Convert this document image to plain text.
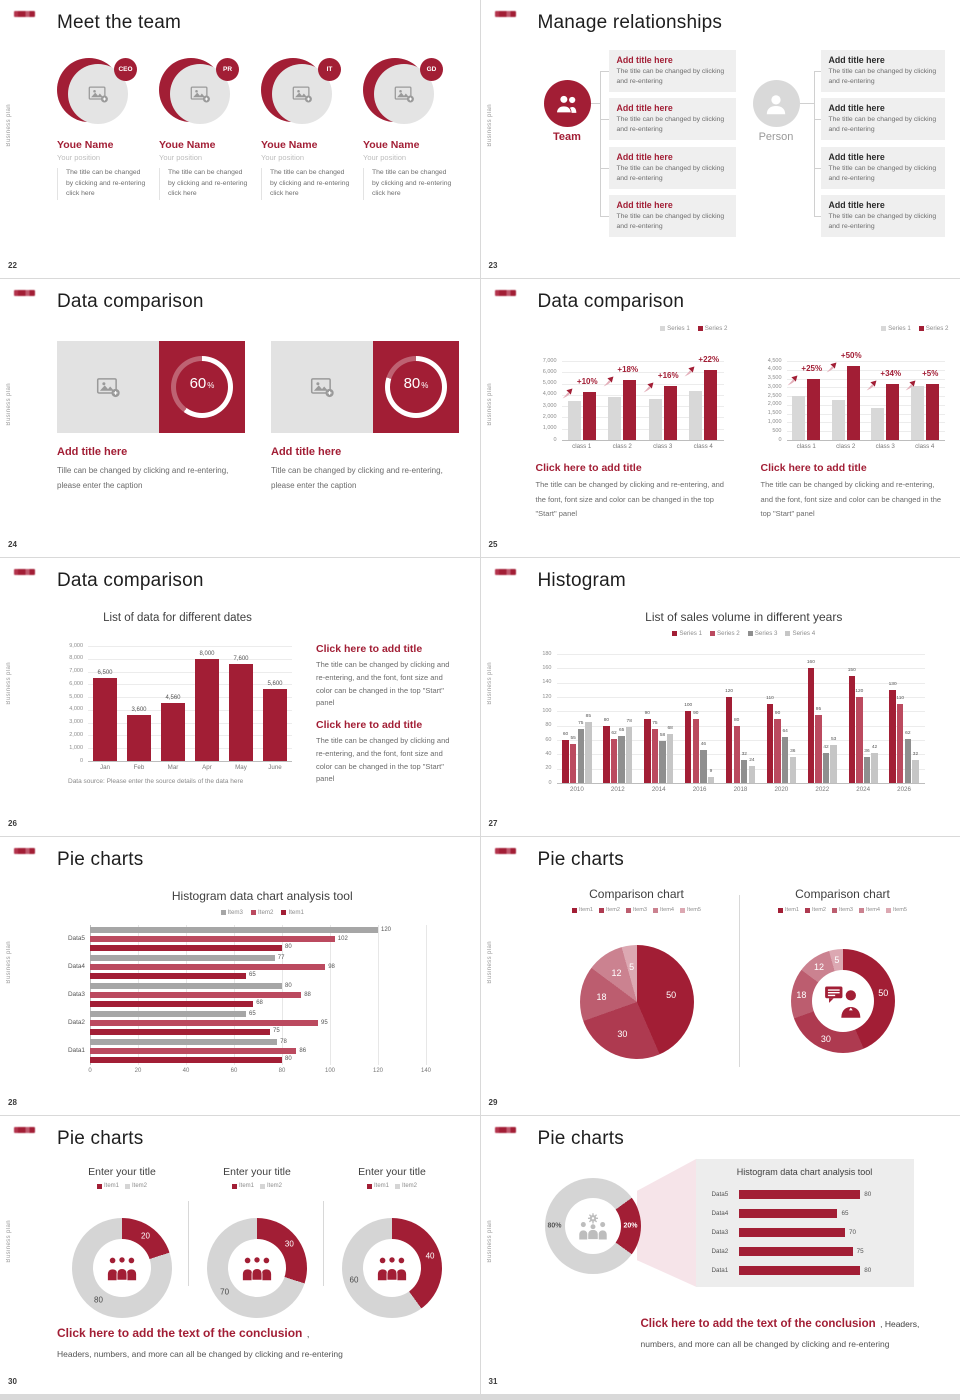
Business plan
Meet the team
CEO
Youe Name
Your position
The title can be changed by clicking and re-entering click here
PR
Youe Name
Your position
The title can be changed by clicking and re-entering click here
IT
Youe Name
Your position
The title can be changed by clicking and re-entering click here
GD
Youe Name
Your position
The title can be changed by clicking and re-entering click here
22
Business plan
Manage relationships
Team
Add title here
The title can be changed by clicking and re-entering
Add title here
The title can be changed by clicking and re-entering
Add title here
The title can be changed by clicking and re-entering
Add title here
The title can be changed by clicking and re-entering
Person
Add title here
The title can be changed by clicking and re-entering
Add title here
The title can be changed by clicking and re-entering
Add title here
The title can be changed by clicking and re-entering
Add title here
The title can be changed by clicking and re-entering
23
Business plan
Data comparison
60 %
Add title here
Tille can be changed by clicking and re-entering, please enter the caption
80 %
Add title here
Title can be changed by clicking and re-entering, please enter the caption
24
Business plan
Data comparison
Series 1 Series 2
0
1,000
2,000
3,000
4,000
5,000
6,000
7,000
class 1	class 2	class 3	class 4
+10%
+18%
+16%
+22%
Click here to add title
The title can be changed by clicking and re-entering, and the font, font size and color can be changed in the top "Start" panel
Series 1 Series 2
0
500
1,000
1,500
2,000
2,500
3,000
3,500
4,000
4,500
class 1	class 2	class 3	class 4
+25%
+50%
+34%	+5%
Click here to add title
The title can be changed by clicking and re-entering, and the font, font size and color can be changed in the top "Start" panel
25
Business plan
Data comparison
List of data for different dates
0
1,000
2,000
3,000
4,000
5,000
6,000
7,000
8,000
9,000
Jan	Feb	Mar	Apr	May	June
6,500
3,600
4,560
8,000
7,600
5,600
Data source: Please enter the source details of the data here
Click here to add title
The title can be changed by clicking and re-entering, and the font, font size and color can be changed in the top "Start" panel
Click here to add title
The title can be changed by clicking and re-entering, and the font, font size and color can be changed in the top "Start" panel
26
Business plan
Histogram
List of sales volume in different years
Series 1 Series 2 Series 3 Series 4
0
20
40
60
80
100
120
140
160
180
2010	2012	2014	2016	2018	2020	2022	2024	2026
60
80
90
100
120
110
160
150
130
55
62
75
90
80
90
95
120
110
75
65
58
46
32
64
42
36
62
85
78
68
9
24
36
53
42
32
27
Business plan
Pie charts
Histogram data chart analysis tool
Item3 Item2 Item1
0	20	40	60	80	100	120	140
Data1
78
86
80
Data2
65
95
75
Data3
80
88
68
Data4
77
98
65
Data5
120
102
80
28
Business plan
Pie charts
Comparison chart
Item1 Item2 Item3 Item4 Item5
50
30
18
12
5
Comparison chart
Item1 Item2 Item3 Item4 Item5
50
30
18
12
5
29
Business plan
Pie charts
Enter your title
Item1 Item2
20
80
Enter your title
Item1 Item2
30
70
Enter your title
Item1 Item2
40
60
Click here to add the text of the conclusion ,
Headers, numbers, and more can all be changed by clicking and re-entering
30
Business plan
Pie charts
80%	20%
Histogram data chart analysis tool
Data5	80
Data4	65
Data3	70
Data2	75
Data1	80
Click here to add the text of the conclusion , Headers,
numbers, and more can all be changed by clicking and re-entering
31
